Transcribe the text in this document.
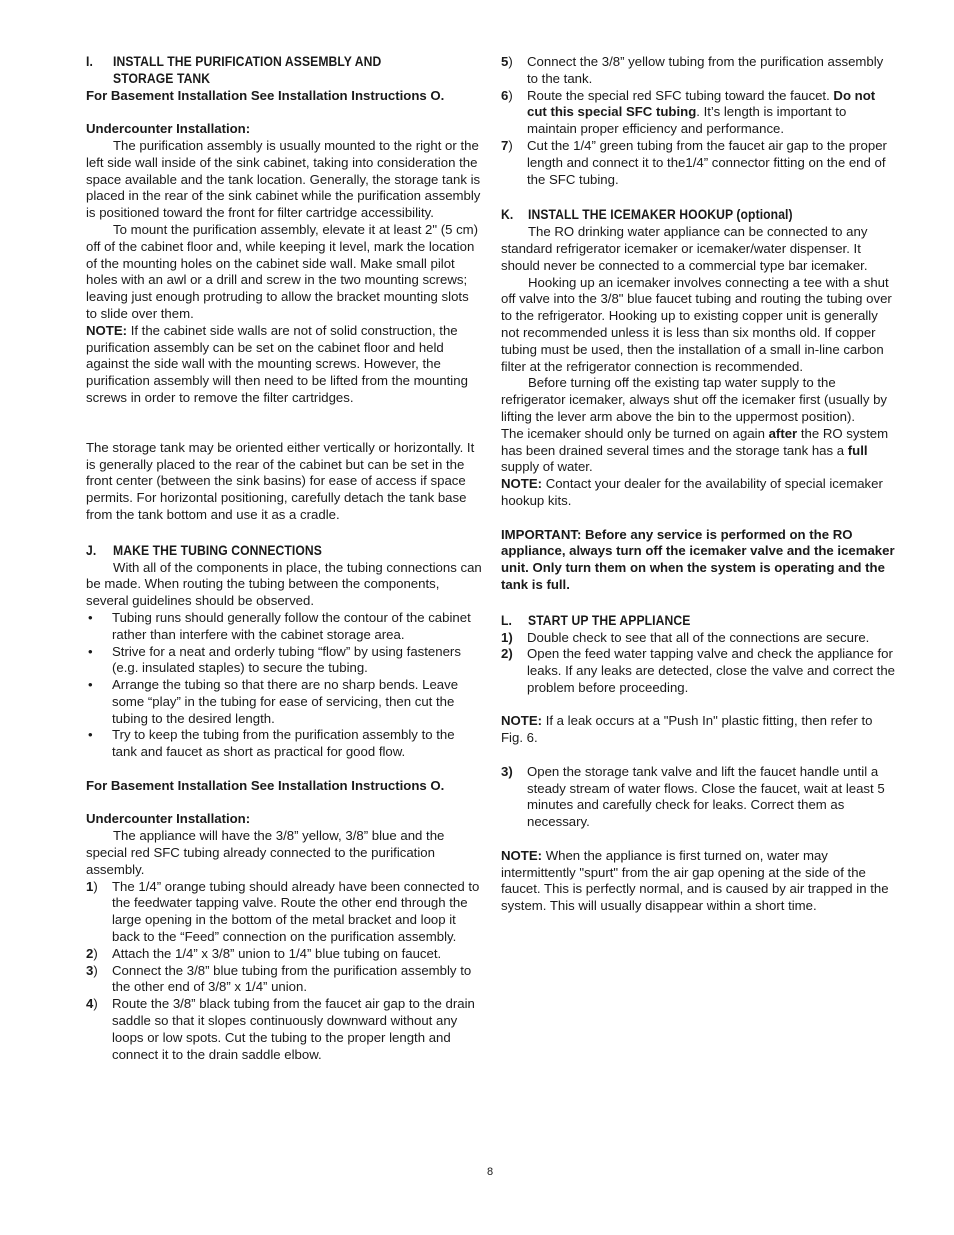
I.	INSTALL THE PURIFICATION ASSEMBLY AND
STORAGE TANK

For Basement Installation See Installation Instructions O.

Undercounter Installation:

The purification assembly is usually mounted to the right or the left side wall inside of the sink cabinet, taking into consideration the space available and the tank location. Generally, the storage tank is placed in the rear of the sink cabinet while the purification assembly is positioned toward the front for filter cartridge accessibility.

To mount the purification assembly, elevate it at least 2" (5 cm) off of the cabinet floor and, while keeping it level, mark the location of the mounting holes on the cabinet side wall. Make small pilot holes with an awl or a drill and screw in the two mounting screws; leaving just enough protruding to allow the bracket mounting slots to slide over them.

NOTE: If the cabinet side walls are not of solid construction, the purification assembly can be set on the cabinet floor and held against the side wall with the mounting screws. However, the purification assembly will then need to be lifted from the mounting screws in order to remove the filter cartridges.

The storage tank may be oriented either vertically or horizontally. It is generally placed to the rear of the cabinet but can be set in the front center (between the sink basins) for ease of access if space permits. For horizontal positioning, carefully detach the tank base from the tank bottom and use it as a cradle.

J.	MAKE THE TUBING CONNECTIONS

With all of the components in place, the tubing connections can be made. When routing the tubing between the components, several guidelines should be observed.

•	Tubing runs should generally follow the contour of the cabinet rather than interfere with the cabinet storage area.
•	Strive for a neat and orderly tubing “flow” by using fasteners (e.g. insulated staples) to secure the tubing.
•	Arrange the tubing so that there are no sharp bends. Leave some “play” in the tubing for ease of servicing, then cut the tubing to the desired length.
•	Try to keep the tubing from the purification assembly to the tank and faucet as short as practical for good flow.

For Basement Installation See Installation Instructions O.

Undercounter Installation:

The appliance will have the 3/8” yellow, 3/8” blue and the special red SFC tubing already connected to the purification assembly.

1)	The 1/4” orange tubing should already have been connected to the feedwater tapping valve. Route the other end through the large opening in the bottom of the metal bracket and loop it back to the “Feed” connection on the purification assembly.
2)	Attach the 1/4” x 3/8” union to 1/4” blue tubing on faucet.
3)	Connect the 3/8” blue tubing from the purification assembly to the other end of 3/8” x 1/4” union.
4)	Route the 3/8” black tubing from the faucet air gap to the drain saddle so that it slopes continuously downward without any loops or low spots. Cut the tubing to the proper length and connect it to the drain saddle elbow.
5)	Connect the 3/8” yellow tubing from the purification assembly to the tank.
6)	Route the special red SFC tubing toward the faucet. Do not cut this special SFC tubing. It’s length is important to maintain proper efficiency and performance.
7)	Cut the 1/4” green tubing from the faucet air gap to the proper length and connect it to the1/4” connector fitting on the end of the SFC tubing.
K.	INSTALL THE ICEMAKER HOOKUP (optional)

The RO drinking water appliance can be connected to any standard refrigerator icemaker or icemaker/water dispenser. It should never be connected to a commercial type bar icemaker.

Hooking up an icemaker involves connecting a tee with a shut off valve into the 3/8" blue faucet tubing and routing the tubing over to the refrigerator. Hooking up to existing copper unit is generally not recommended unless it is less than six months old. If copper tubing must be used, then the installation of a small in-line carbon filter at the refrigerator connection is recommended.

Before turning off the existing tap water supply to the refrigerator icemaker, always shut off the icemaker first (usually by lifting the lever arm above the bin to the uppermost position).

The icemaker should only be turned on again after the RO system has been drained several times and the storage tank has a full supply of water.

NOTE: Contact your dealer for the availability of special icemaker hookup kits.

IMPORTANT: Before any service is performed on the RO appliance, always turn off the icemaker valve and the icemaker unit. Only turn them on when the system is operating and the tank is full.

L.	START UP THE APPLIANCE
1)	Double check to see that all of the connections are secure.
2)	Open the feed water tapping valve and check the appliance for leaks. If any leaks are detected, close the valve and correct the problem before proceeding.

NOTE: If a leak occurs at a "Push In" plastic fitting, then refer to Fig. 6.

3)	Open the storage tank valve and lift the faucet handle until a steady stream of water flows. Close the faucet, wait at least 5 minutes and carefully check for leaks. Correct them as necessary.

NOTE: When the appliance is first turned on, water may intermittently "spurt" from the air gap opening at the side of the faucet. This is perfectly normal, and is caused by air trapped in the system. This will usually disappear within a short time.

8
